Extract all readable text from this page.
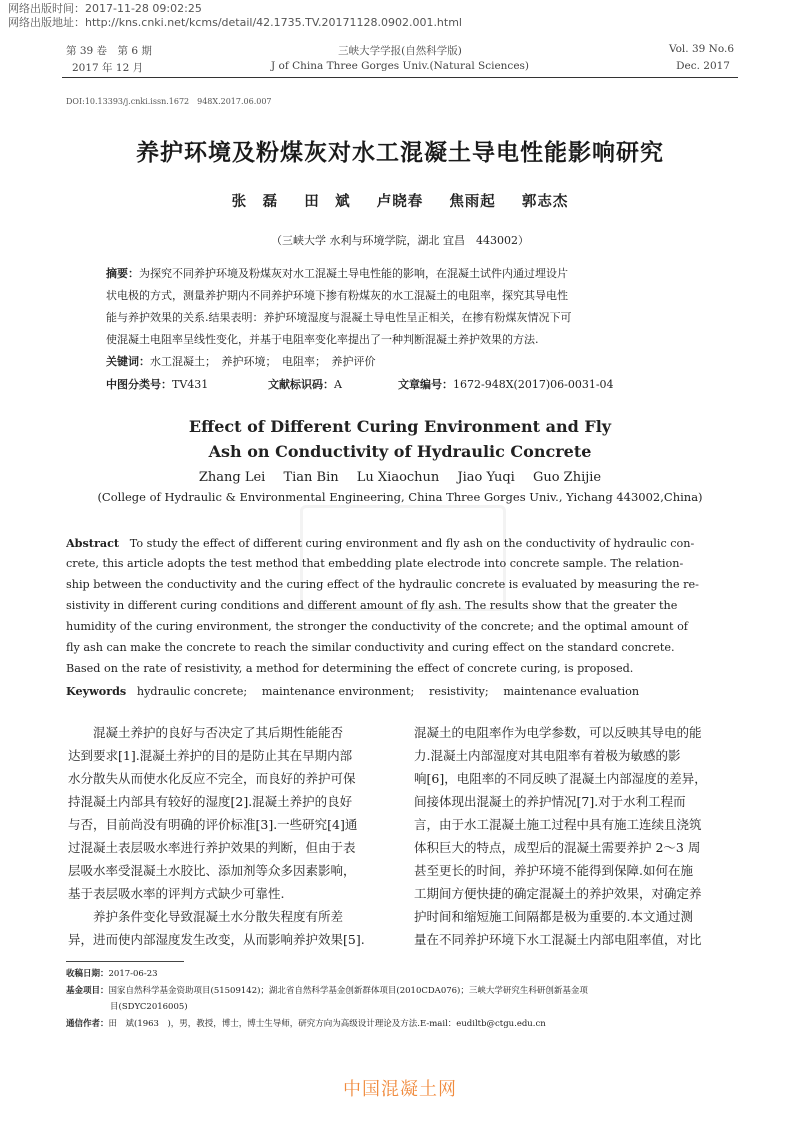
网络出版时间：2017-11-28 09:02:25
网络出版地址：http://kns.cnki.net/kcms/detail/42.1735.TV.20171128.0902.001.html
第 39 卷　第 6 期
2017 年 12 月
三峡大学学报(自然科学版)
J of China Three Gorges Univ.(Natural Sciences)
Vol. 39 No.6
Dec. 2017
DOI:10.13393/j.cnki.issn.1672　948X.2017.06.007
养护环境及粉煤灰对水工混凝土导电性能影响研究
张　磊 田　斌 卢晓春 焦雨起 郭志杰
（三峡大学 水利与环境学院，湖北 宜昌　443002）
摘要：为探究不同养护环境及粉煤灰对水工混凝土导电性能的影响，在混凝土试件内通过埋设片
状电极的方式，测量养护期内不同养护环境下掺有粉煤灰的水工混凝土的电阻率，探究其导电性
能与养护效果的关系.结果表明：养护环境湿度与混凝土导电性呈正相关，在掺有粉煤灰情况下可
使混凝土电阻率呈线性变化，并基于电阻率变化率提出了一种判断混凝土养护效果的方法.
关键词：水工混凝土；　养护环境；　电阻率；　养护评价
中图分类号：TV431	文献标识码：A	文章编号：1672-948X(2017)06-0031-04
Effect of Different Curing Environment and Fly
Ash on Conductivity of Hydraulic Concrete
Zhang Lei Tian Bin Lu Xiaochun Jiao Yuqi Guo Zhijie
(College of Hydraulic & Environmental Engineering, China Three Gorges Univ., Yichang 443002,China)
Abstract To study the effect of different curing environment and fly ash on the conductivity of hydraulic con-
crete, this article adopts the test method that embedding plate electrode into concrete sample. The relation-
ship between the conductivity and the curing effect of the hydraulic concrete is evaluated by measuring the re-
sistivity in different curing conditions and different amount of fly ash. The results show that the greater the
humidity of the curing environment, the stronger the conductivity of the concrete; and the optimal amount of
fly ash can make the concrete to reach the similar conductivity and curing effect on the standard concrete.
Based on the rate of resistivity, a method for determining the effect of concrete curing, is proposed.
Keywords hydraulic concrete;　 maintenance environment;　 resistivity;　 maintenance evaluation
　　混凝土养护的良好与否决定了其后期性能能否
达到要求[1].混凝土养护的目的是防止其在早期内部
水分散失从而使水化反应不完全，而良好的养护可保
持混凝土内部具有较好的湿度[2].混凝土养护的良好
与否，目前尚没有明确的评价标准[3].一些研究[4]通
过混凝土表层吸水率进行养护效果的判断，但由于表
层吸水率受混凝土水胶比、添加剂等众多因素影响，
基于表层吸水率的评判方式缺少可靠性.
　　养护条件变化导致混凝土水分散失程度有所差
异，进而使内部湿度发生改变，从而影响养护效果[5].
混凝土的电阻率作为电学参数，可以反映其导电的能
力.混凝土内部湿度对其电阻率有着极为敏感的影
响[6]，电阻率的不同反映了混凝土内部湿度的差异，
间接体现出混凝土的养护情况[7].对于水利工程而
言，由于水工混凝土施工过程中具有施工连续且浇筑
体积巨大的特点，成型后的混凝土需要养护 2～3 周
甚至更长的时间，养护环境不能得到保障.如何在施
工期间方便快捷的确定混凝土的养护效果，对确定养
护时间和缩短施工间隔都是极为重要的.本文通过测
量在不同养护环境下水工混凝土内部电阻率值，对比
收稿日期：2017-06-23
基金项目：国家自然科学基金资助项目(51509142)；湖北省自然科学基金创新群体项目(2010CDA076)；三峡大学研究生科研创新基金项
目(SDYC2016005)
通信作者：田　斌(1963　)，男，教授，博士，博士生导师，研究方向为高级设计理论及方法.E-mail：eudiltb@ctgu.edu.cn
中国混凝土网
